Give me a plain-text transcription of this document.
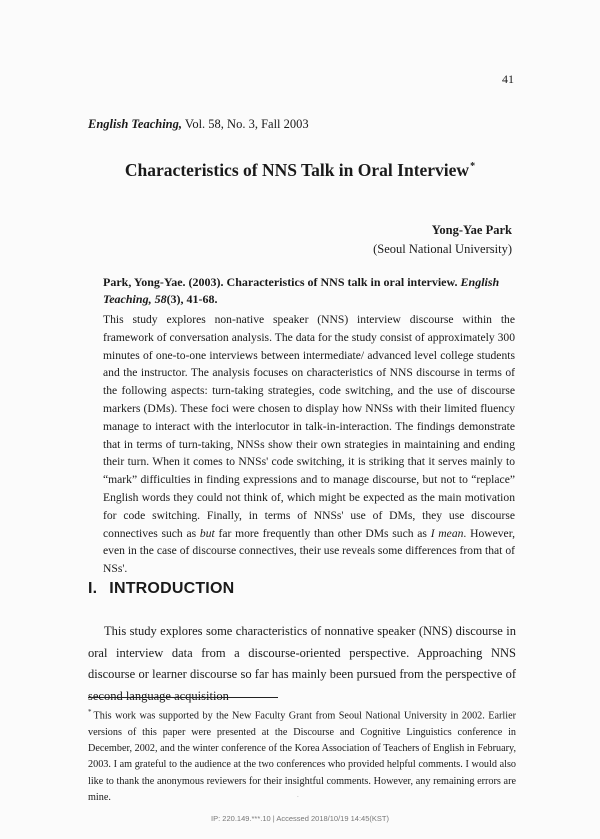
41
English Teaching, Vol. 58, No. 3, Fall 2003
Characteristics of NNS Talk in Oral Interview*
Yong-Yae Park
(Seoul National University)
Park, Yong-Yae. (2003). Characteristics of NNS talk in oral interview. English Teaching, 58(3), 41-68.
This study explores non-native speaker (NNS) interview discourse within the framework of conversation analysis. The data for the study consist of approximately 300 minutes of one-to-one interviews between intermediate/ advanced level college students and the instructor. The analysis focuses on characteristics of NNS discourse in terms of the following aspects: turn-taking strategies, code switching, and the use of discourse markers (DMs). These foci were chosen to display how NNSs with their limited fluency manage to interact with the interlocutor in talk-in-interaction. The findings demonstrate that in terms of turn-taking, NNSs show their own strategies in maintaining and ending their turn. When it comes to NNSs' code switching, it is striking that it serves mainly to “mark” difficulties in finding expressions and to manage discourse, but not to “replace” English words they could not think of, which might be expected as the main motivation for code switching. Finally, in terms of NNSs' use of DMs, they use discourse connectives such as but far more frequently than other DMs such as I mean. However, even in the case of discourse connectives, their use reveals some differences from that of NSs'.
I. INTRODUCTION
This study explores some characteristics of nonnative speaker (NNS) discourse in oral interview data from a discourse-oriented perspective. Approaching NNS discourse or learner discourse so far has mainly been pursued from the perspective of second language acquisition
* This work was supported by the New Faculty Grant from Seoul National University in 2002. Earlier versions of this paper were presented at the Discourse and Cognitive Linguistics conference in December, 2002, and the winter conference of the Korea Association of Teachers of English in February, 2003. I am grateful to the audience at the two conferences who provided helpful comments. I would also like to thank the anonymous reviewers for their insightful comments. However, any remaining errors are mine.	.
IP: 220.149.***.10 | Accessed 2018/10/19 14:45(KST)
